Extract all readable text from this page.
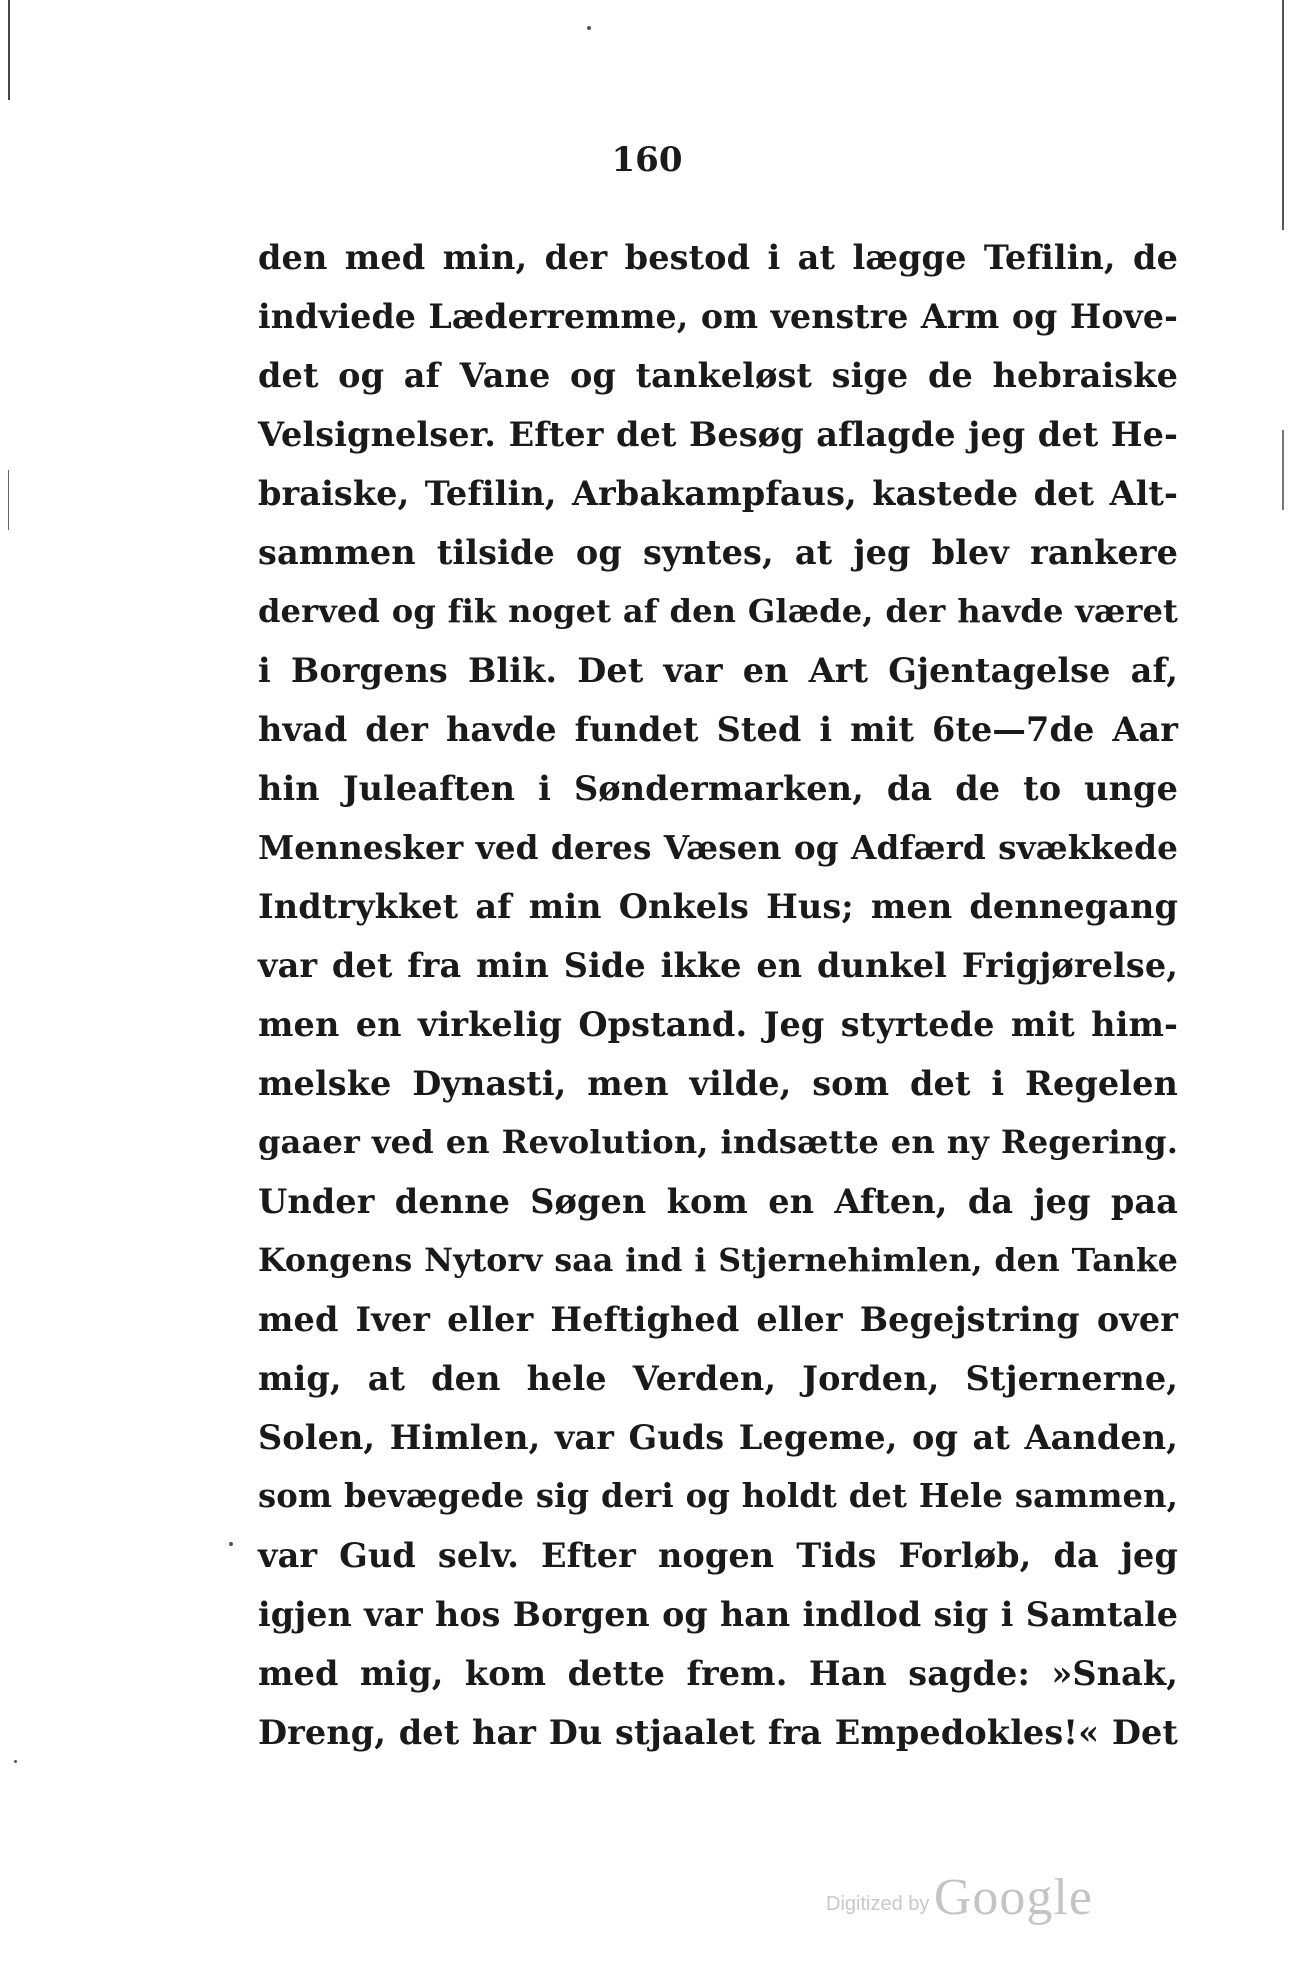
160
den med min, der bestod i at lægge Tefilin, de
indviede Læderremme, om venstre Arm og Hove-
det og af Vane og tankeløst sige de hebraiske
Velsignelser. Efter det Besøg aflagde jeg det He-
braiske, Tefilin, Arbakampfaus, kastede det Alt-
sammen tilside og syntes, at jeg blev rankere
derved og fik noget af den Glæde, der havde været
i Borgens Blik. Det var en Art Gjentagelse af,
hvad der havde fundet Sted i mit 6te—7de Aar
hin Juleaften i Søndermarken, da de to unge
Mennesker ved deres Væsen og Adfærd svækkede
Indtrykket af min Onkels Hus; men dennegang
var det fra min Side ikke en dunkel Frigjørelse,
men en virkelig Opstand. Jeg styrtede mit him-
melske Dynasti, men vilde, som det i Regelen
gaaer ved en Revolution, indsætte en ny Regering.
Under denne Søgen kom en Aften, da jeg paa
Kongens Nytorv saa ind i Stjernehimlen, den Tanke
med Iver eller Heftighed eller Begejstring over
mig, at den hele Verden, Jorden, Stjernerne,
Solen, Himlen, var Guds Legeme, og at Aanden,
som bevægede sig deri og holdt det Hele sammen,
var Gud selv. Efter nogen Tids Forløb, da jeg
igjen var hos Borgen og han indlod sig i Samtale
med mig, kom dette frem. Han sagde: »Snak,
Dreng, det har Du stjaalet fra Empedokles!« Det
Digitized by Google
